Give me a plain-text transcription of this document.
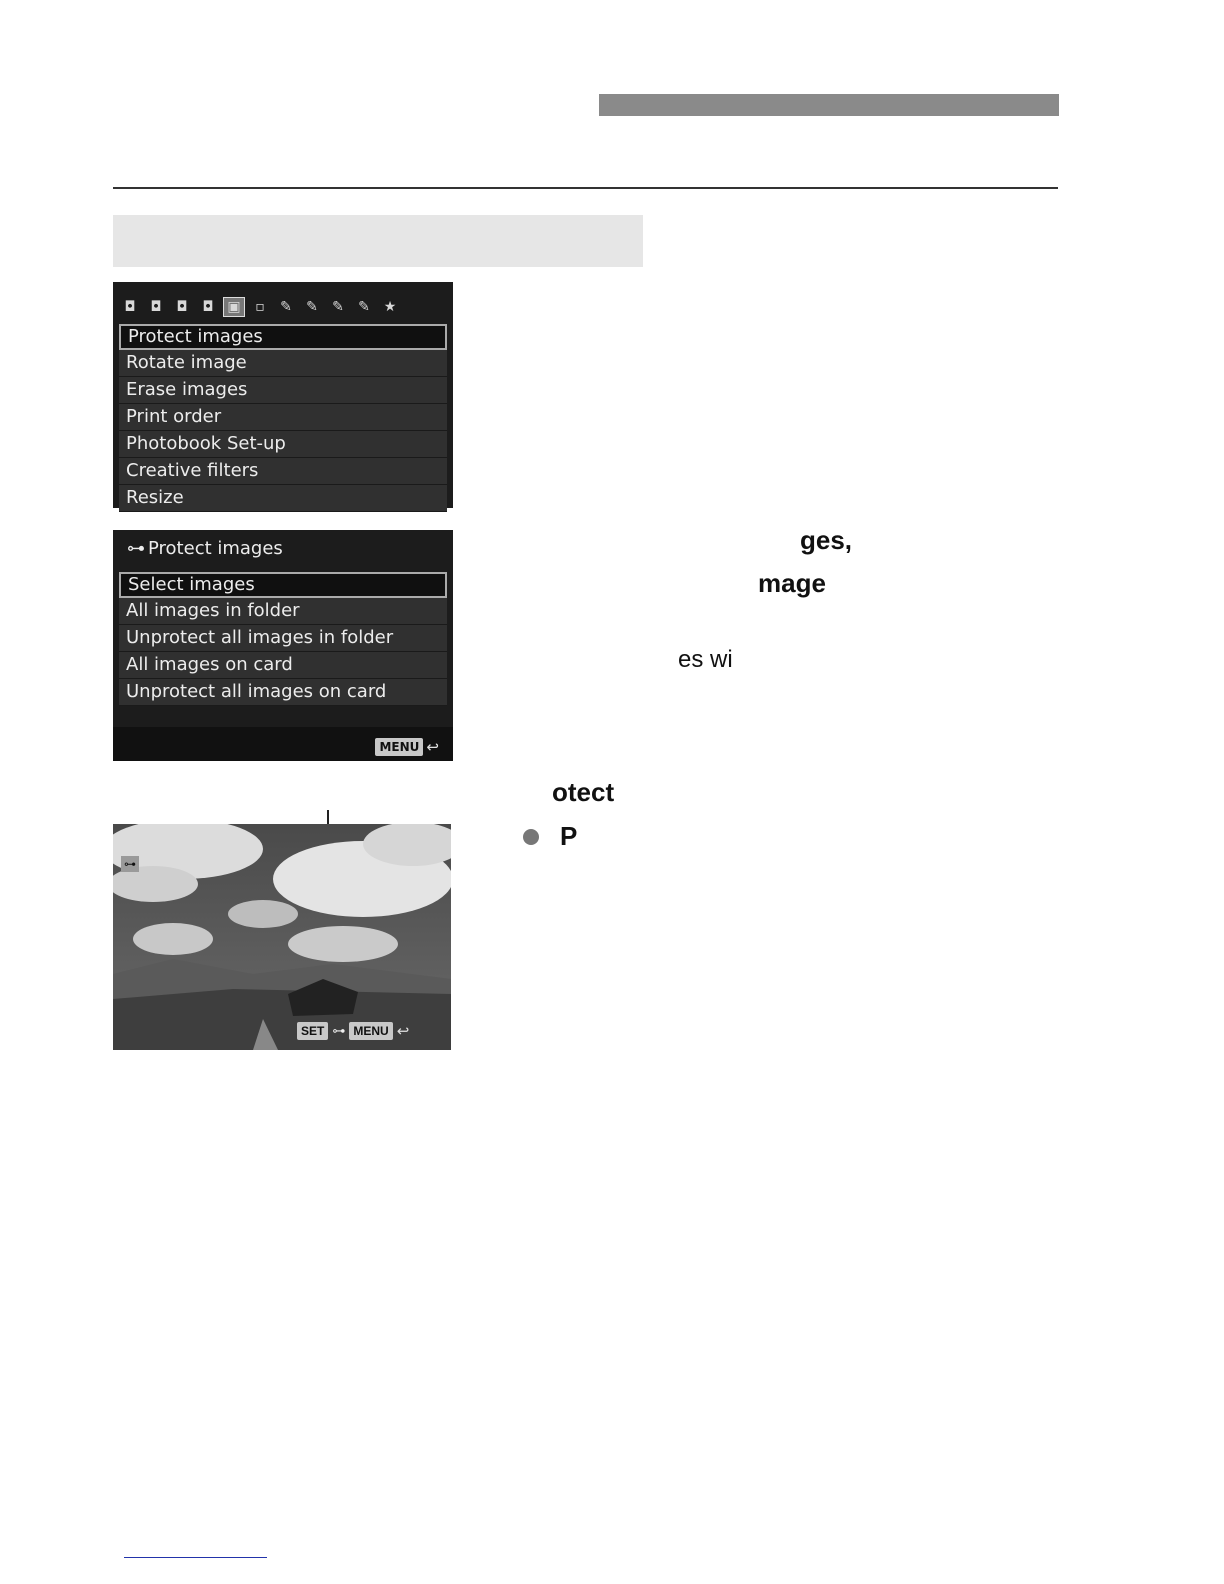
◘	◘	◘	◘ ▣	▫	✎	✎	✎	✎ ★
Protect images
Rotate image
Erase images
Print order
Photobook Set-up
Creative filters
Resize
⊶ Protect images
Select images
All images in folder
Unprotect all images in folder
All images on card
Unprotect all images on card
MENU ↩
⊶
SET ⊶ MENU ↩
ges,
mage
es wi
otect
P
